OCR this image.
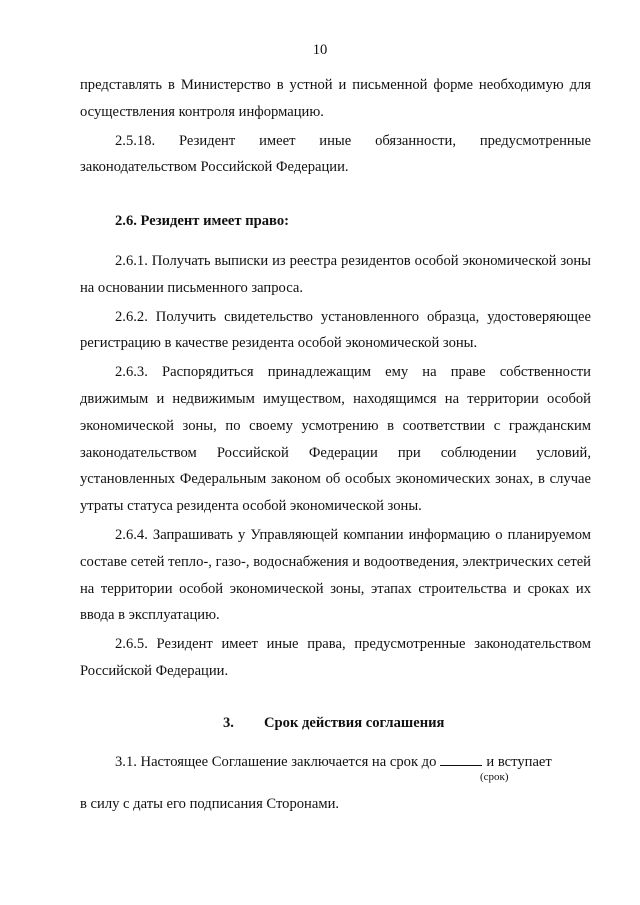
10

представлять в Министерство в устной и письменной форме необходимую для осуществления контроля информацию.

2.5.18. Резидент имеет иные обязанности, предусмотренные законодательством Российской Федерации.

2.6. Резидент имеет право:

2.6.1. Получать выписки из реестра резидентов особой экономической зоны на основании письменного запроса.

2.6.2. Получить свидетельство установленного образца, удостоверяющее регистрацию в качестве резидента особой экономической зоны.

2.6.3. Распорядиться принадлежащим ему на праве собственности движимым и недвижимым имуществом, находящимся на территории особой экономической зоны, по своему усмотрению в соответствии с гражданским законодательством Российской Федерации при соблюдении условий, установленных Федеральным законом об особых экономических зонах, в случае утраты статуса резидента особой экономической зоны.

2.6.4. Запрашивать у Управляющей компании информацию о планируемом составе сетей тепло-, газо-, водоснабжения и водоотведения, электрических сетей на территории особой экономической зоны, этапах строительства и сроках их ввода в эксплуатацию.

2.6.5. Резидент имеет иные права, предусмотренные законодательством Российской Федерации.

3. Срок действия соглашения

3.1. Настоящее Соглашение заключается на срок до	и вступает

(срок)

в силу с даты его подписания Сторонами.
